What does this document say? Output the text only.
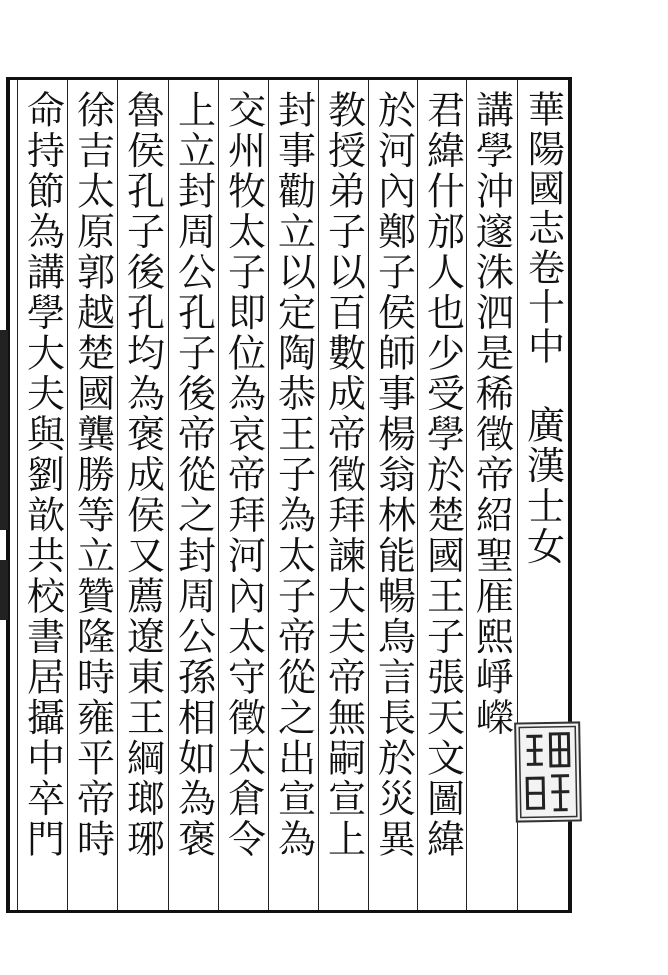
華陽國志卷十中
廣漢士女
講學沖邃洙泗是稀徵帝紹聖㕍熙崢嶸
君緯什邡人也少受學於楚國王子張天文圖緯
於河內鄭子侯師事楊翁林能暢鳥言長於災異
教授弟子以百數成帝徵拜諫大夫帝無嗣宣上
封事勸立以定陶恭王子為太子帝從之出宣為
交州牧太子即位為哀帝拜河內太守徵太倉令
上立封周公孔子後帝從之封周公孫相如為褒
魯侯孔子後孔均為褒成侯又薦遼東王綱瑯琊
徐吉太原郭越楚國龔勝等立贊隆時雍平帝時
命持節為講學大夫與劉歆共校書居攝中卒門
